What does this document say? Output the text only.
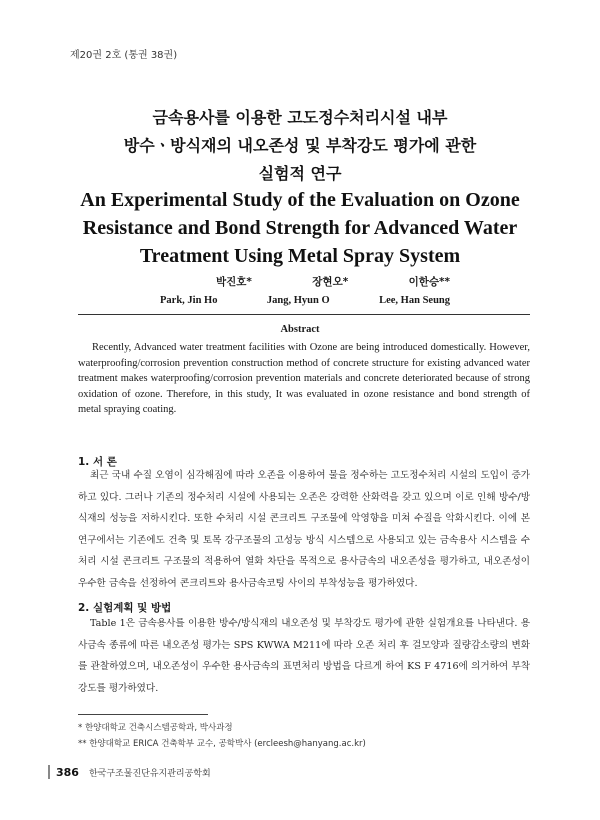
제20권 2호 (통권 38권)
금속용사를 이용한 고도정수처리시설 내부
방수ㆍ방식재의 내오존성 및 부착강도 평가에 관한
실험적 연구
An Experimental Study of the Evaluation on Ozone
Resistance and Bond Strength for Advanced Water
Treatment Using Metal Spray System
박진호*	장현오*	이한승**
Park, Jin Ho	Jang, Hyun O	Lee, Han Seung
Abstract
Recently, Advanced water treatment facilities with Ozone are being introduced domestically. However, waterproofing/corrosion prevention construction method of concrete structure for existing advanced water treatment makes waterproofing/corrosion prevention materials and concrete deteriorated because of strong oxidation of ozone. Therefore, in this study, It was evaluated in ozone resistance and bond strength of metal spraying coating.
1. 서 론
최근 국내 수질 오염이 심각해짐에 따라 오존을 이용하여 물을 정수하는 고도정수처리 시설의 도입이 증가하고 있다. 그러나 기존의 정수처리 시설에 사용되는 오존은 강력한 산화력을 갖고 있으며 이로 인해 방수/방식재의 성능을 저하시킨다. 또한 수처리 시설 콘크리트 구조물에 악영향을 미쳐 수질을 악화시킨다. 이에 본 연구에서는 기존에도 건축 및 토목 강구조물의 고성능 방식 시스템으로 사용되고 있는 금속용사 시스템을 수처리 시설 콘크리트 구조물의 적용하여 열화 차단을 목적으로 용사금속의 내오존성을 평가하고, 내오존성이 우수한 금속을 선정하여 콘크리트와 용사금속코팅 사이의 부착성능을 평가하였다.
2. 실험계획 및 방법
Table 1은 금속용사를 이용한 방수/방식재의 내오존성 및 부착강도 평가에 관한 실험개요를 나타낸다. 용사금속 종류에 따른 내오존성 평가는 SPS KWWA M211에 따라 오존 처리 후 걸모양과 질량감소량의 변화를 관찰하였으며, 내오존성이 우수한 용사금속의 표면처리 방법을 다르게 하여 KS F 4716에 의거하여 부착강도를 평가하였다.
* 한양대학교 건축시스템공학과, 박사과정
** 한양대학교 ERICA 건축학부 교수, 공학박사 (ercleesh@hanyang.ac.kr)
386 한국구조물진단유지관리공학회
